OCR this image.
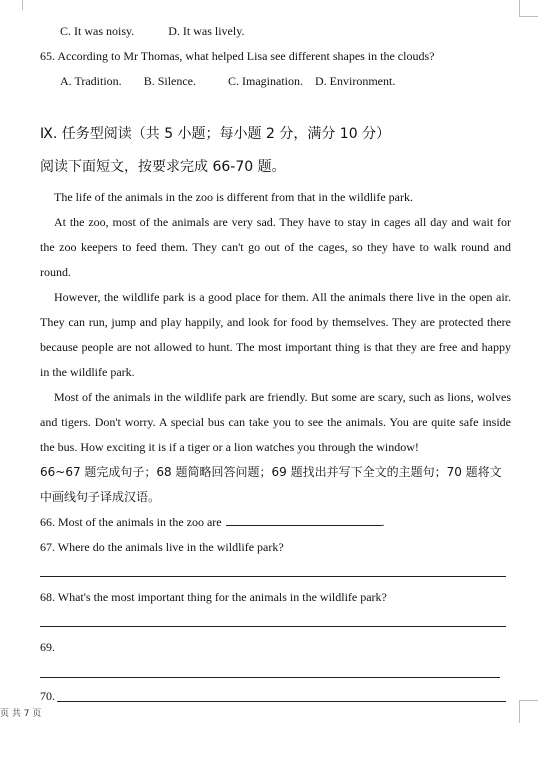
C. It was noisy.	D. It was lively.
65. According to Mr Thomas, what helped Lisa see different shapes in the clouds?
A. Tradition. B. Silence.	C. Imagination. D. Environment.
Ⅸ. 任务型阅读（共 5 小题；每小题 2 分，满分 10 分）
阅读下面短文，按要求完成 66-70 题。

The life of the animals in the zoo is different from that in the wildlife park.

At the zoo, most of the animals are very sad. They have to stay in cages all day and wait for the zoo keepers to feed them. They can't go out of the cages, so they have to walk round and round.

However, the wildlife park is a good place for them. All the animals there live in the open air. They can run, jump and play happily, and look for food by themselves. They are protected there because people are not allowed to hunt. The most important thing is that they are free and happy in the wildlife park.

Most of the animals in the wildlife park are friendly. But some are scary, such as lions, wolves and tigers. Don't worry. A special bus can take you to see the animals. You are quite safe inside the bus. How exciting it is if a tiger or a lion watches you through the window!

66~67 题完成句子；68 题简略回答问题；69 题找出并写下全文的主题句；70 题将文中画线句子译成汉语。
66. Most of the animals in the zoo are	.
67. Where do the animals live in the wildlife park?
68. What's the most important thing for the animals in the wildlife park?
69.
70.
页 共 7 页
